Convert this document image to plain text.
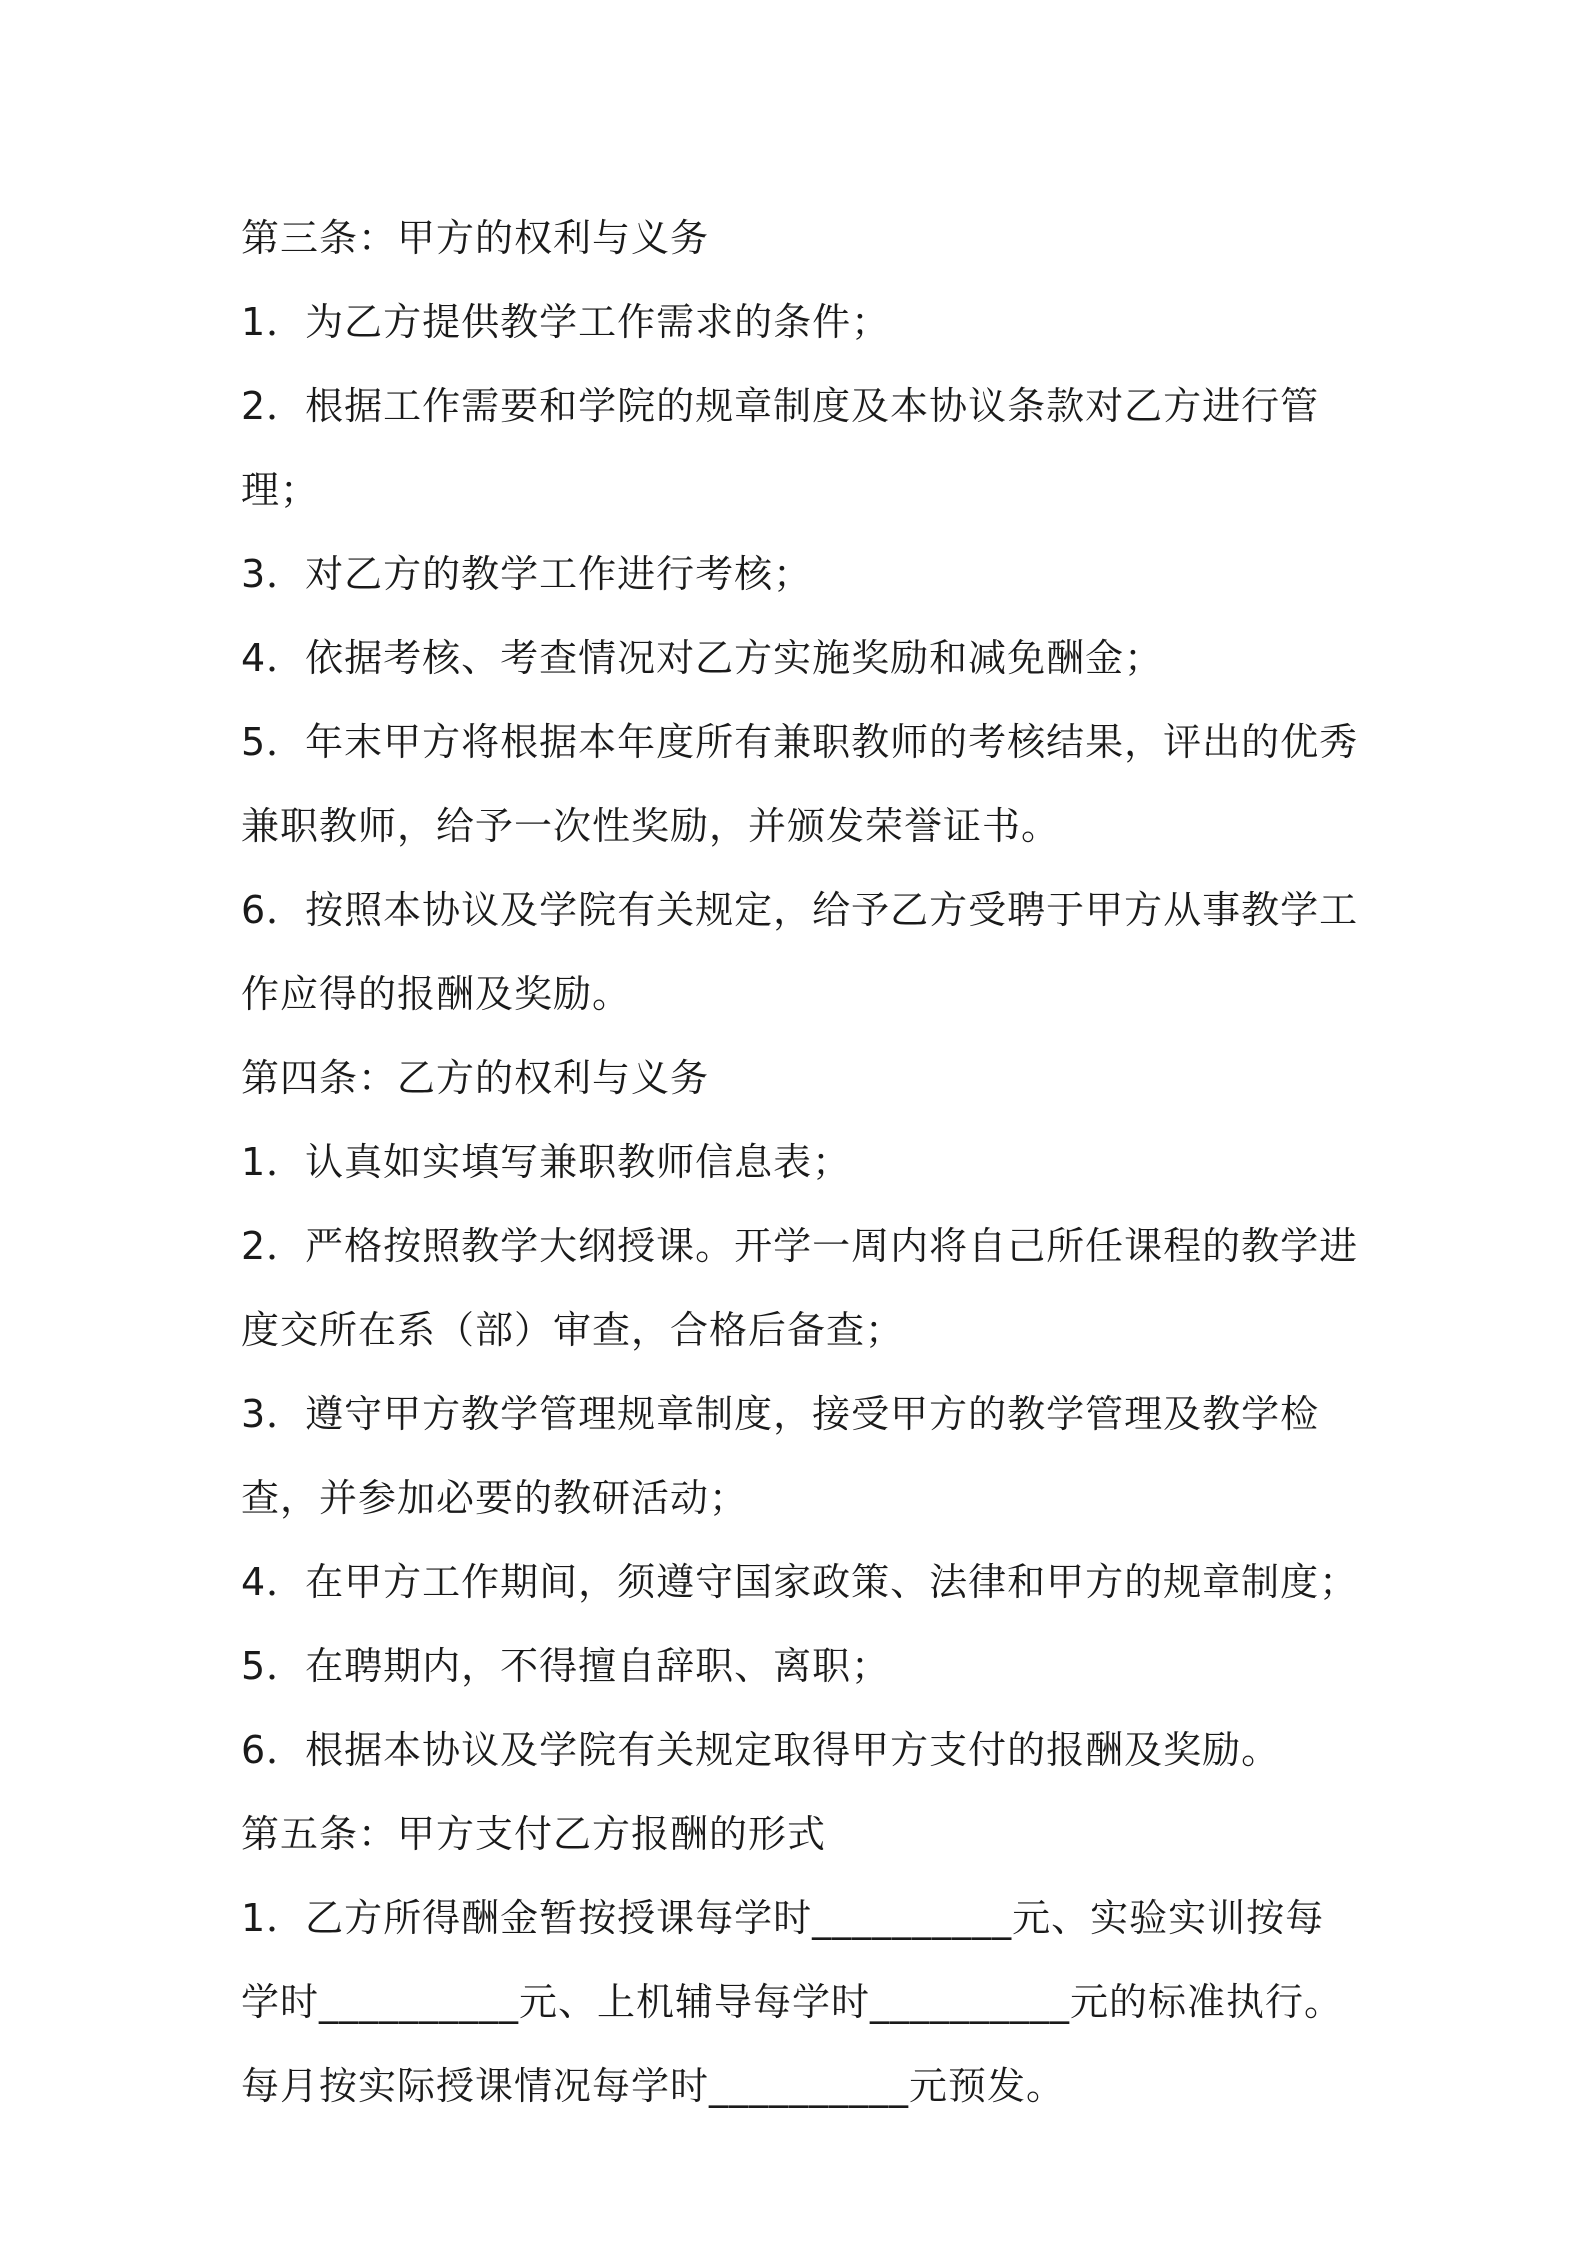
第三条：甲方的权利与义务

1．为乙方提供教学工作需求的条件；

2．根据工作需要和学院的规章制度及本协议条款对乙方进行管理；

3．对乙方的教学工作进行考核；

4．依据考核、考查情况对乙方实施奖励和减免酬金；

5．年末甲方将根据本年度所有兼职教师的考核结果，评出的优秀兼职教师，给予一次性奖励，并颁发荣誉证书。

6．按照本协议及学院有关规定，给予乙方受聘于甲方从事教学工作应得的报酬及奖励。

第四条：乙方的权利与义务

1．认真如实填写兼职教师信息表；

2．严格按照教学大纲授课。开学一周内将自己所任课程的教学进度交所在系（部）审查，合格后备查；

3．遵守甲方教学管理规章制度，接受甲方的教学管理及教学检查，并参加必要的教研活动；

4．在甲方工作期间，须遵守国家政策、法律和甲方的规章制度；

5．在聘期内，不得擅自辞职、离职；

6．根据本协议及学院有关规定取得甲方支付的报酬及奖励。

第五条：甲方支付乙方报酬的形式

1．乙方所得酬金暂按授课每学时__________元、实验实训按每学时__________元、上机辅导每学时__________元的标准执行。每月按实际授课情况每学时__________元预发。
